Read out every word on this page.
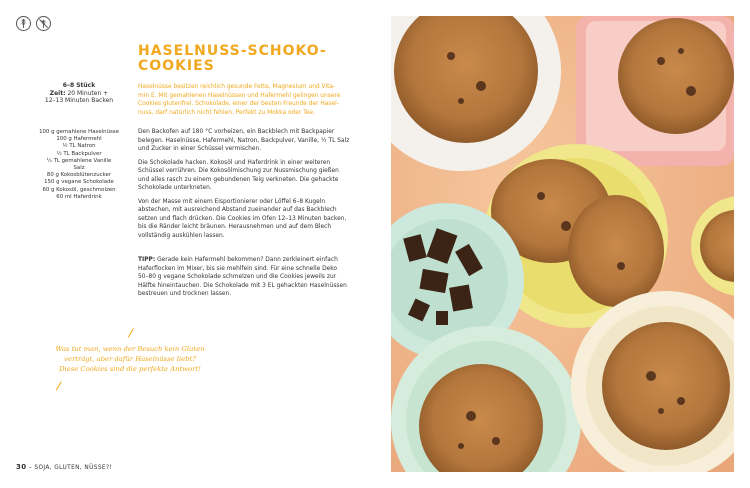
6–8 Stück
Zeit: 20 Minuten +
12–13 Minuten Backen
100 g gemahlene Haselnüsse
100 g Hafermehl
½ TL Natron
½ TL Backpulver
¼ TL gemahlene Vanille
Salz
80 g Kokosblütenzucker
150 g vegane Schokolade
60 g Kokosöl, geschmolzen
60 ml Haferdrink
HASELNUSS-SCHOKO-
COOKIES
Haselnüsse besitzen reichlich gesunde Fette, Magnesium und Vita-
min E. Mit gemahlenen Haselnüssen und Hafermehl gelingen unsere
Cookies glutenfrei. Schokolade, einer der besten Freunde der Hasel-
nuss, darf natürlich nicht fehlen. Perfekt zu Mokka oder Tee.
Den Backofen auf 180 °C vorheizen, ein Backblech mit Backpapier
belegen. Haselnüsse, Hafermehl, Natron, Backpulver, Vanille, ½ TL Salz
und Zucker in einer Schüssel vermischen.
Die Schokolade hacken. Kokosöl und Haferdrink in einer weiteren
Schüssel verrühren. Die Kokosölmischung zur Nussmischung gießen
und alles rasch zu einem gebundenen Teig verkneten. Die gehackte
Schokolade unterkneten.
Von der Masse mit einem Eisportionierer oder Löffel 6–8 Kugeln
abstechen, mit ausreichend Abstand zueinander auf das Backblech
setzen und flach drücken. Die Cookies im Ofen 12–13 Minuten backen,
bis die Ränder leicht bräunen. Herausnehmen und auf dem Blech
vollständig auskühlen lassen.
TIPP: Gerade kein Hafermehl bekommen? Dann zerkleinert einfach
Haferflocken im Mixer, bis sie mehlfein sind. Für eine schnelle Deko
50–80 g vegane Schokolade schmelzen und die Cookies jeweils zur
Hälfte hineintauchen. Die Schokolade mit 3 EL gehackten Haselnüssen
bestreuen und trocknen lassen.
Was tut man, wenn der Besuch kein Gluten
verträgt, aber dafür Haselnüsse liebt?
Diese Cookies sind die perfekte Antwort!
30 – SOJA, GLUTEN, NÜSSE?!
